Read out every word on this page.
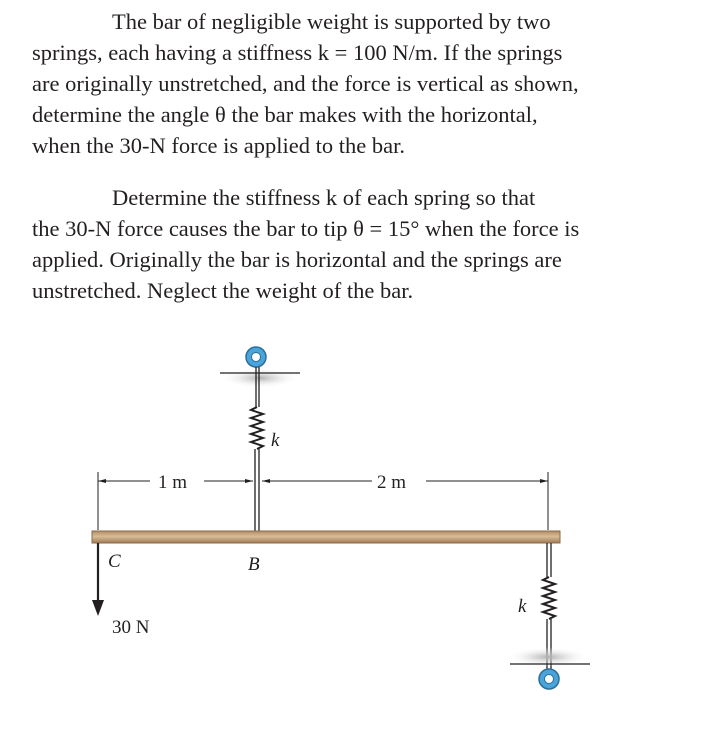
The bar of negligible weight is supported by two
springs, each having a stiffness k = 100 N/m. If the springs
are originally unstretched, and the force is vertical as shown,
determine the angle θ the bar makes with the horizontal,
when the 30-N force is applied to the bar.
Determine the stiffness k of each spring so that
the 30-N force causes the bar to tip θ = 15° when the force is
applied. Originally the bar is horizontal and the springs are
unstretched. Neglect the weight of the bar.
k
1 m	2 m
30 N
C	B
k
